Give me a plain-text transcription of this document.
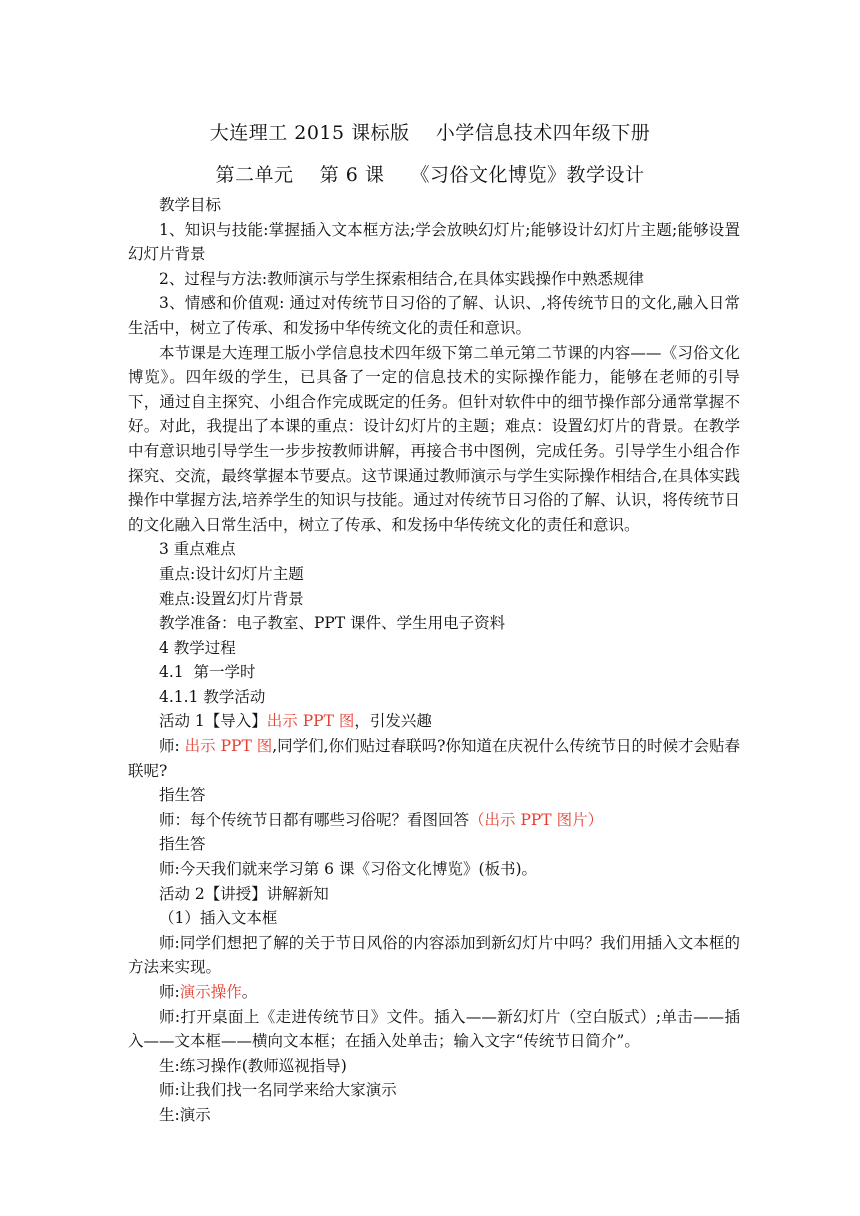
大连理工 2015 课标版    小学信息技术四年级下册
第二单元    第 6 课    《习俗文化博览》教学设计

教学目标

1、知识与技能:掌握插入文本框方法;学会放映幻灯片;能够设计幻灯片主题;能够设置幻灯片背景

2、过程与方法:教师演示与学生探索相结合,在具体实践操作中熟悉规律

3、情感和价值观: 通过对传统节日习俗的了解、认识、,将传统节日的文化,融入日常生活中，树立了传承、和发扬中华传统文化的责任和意识。

本节课是大连理工版小学信息技术四年级下第二单元第二节课的内容——《习俗文化博览》。四年级的学生，已具备了一定的信息技术的实际操作能力，能够在老师的引导下，通过自主探究、小组合作完成既定的任务。但针对软件中的细节操作部分通常掌握不好。对此，我提出了本课的重点：设计幻灯片的主题；难点：设置幻灯片的背景。在教学中有意识地引导学生一步步按教师讲解，再接合书中图例，完成任务。引导学生小组合作探究、交流，最终掌握本节要点。这节课通过教师演示与学生实际操作相结合,在具体实践操作中掌握方法,培养学生的知识与技能。通过对传统节日习俗的了解、认识，将传统节日的文化融入日常生活中，树立了传承、和发扬中华传统文化的责任和意识。

3 重点难点

重点:设计幻灯片主题

难点:设置幻灯片背景

教学准备：电子教室、PPT 课件、学生用电子资料

4 教学过程

4.1  第一学时

4.1.1 教学活动

活动 1【导入】出示 PPT 图，引发兴趣

师: 出示 PPT 图,同学们,你们贴过春联吗?你知道在庆祝什么传统节日的时候才会贴春联呢?

指生答

师：每个传统节日都有哪些习俗呢？看图回答（出示 PPT 图片）

指生答

师:今天我们就来学习第 6 课《习俗文化博览》(板书)。

活动 2【讲授】讲解新知

（1）插入文本框

师:同学们想把了解的关于节日风俗的内容添加到新幻灯片中吗？我们用插入文本框的方法来实现。

师:演示操作。

师:打开桌面上《走进传统节日》文件。插入——新幻灯片（空白版式）;单击——插入——文本框——横向文本框；在插入处单击；输入文字“传统节日简介”。

生:练习操作(教师巡视指导)

师:让我们找一名同学来给大家演示

生:演示
